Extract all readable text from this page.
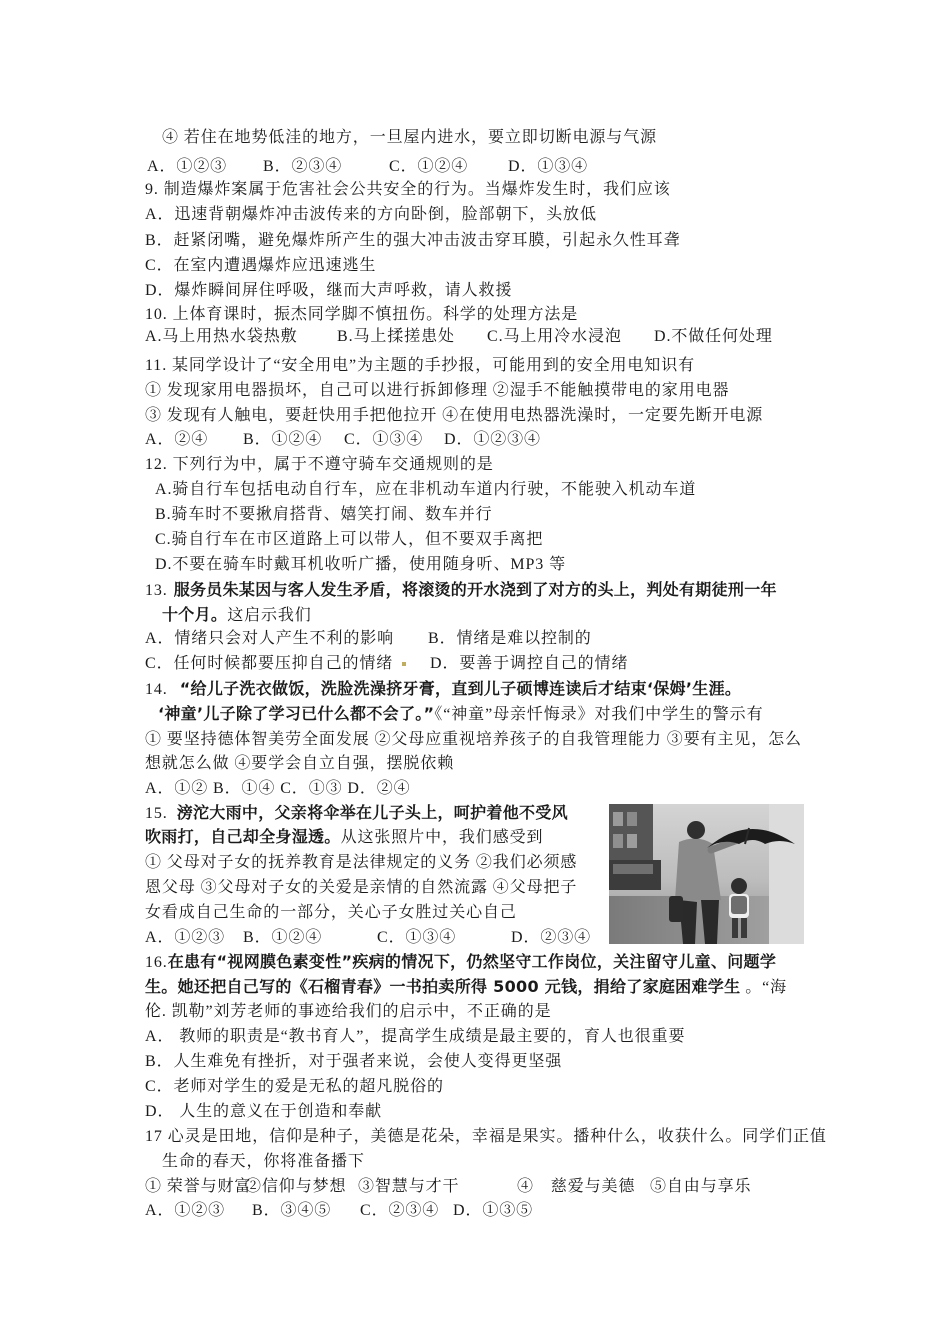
④ 若住在地势低洼的地方，一旦屋内进水，要立即切断电源与气源
A．①②③ B．②③④	C．①②④ D．①③④
9. 制造爆炸案属于危害社会公共安全的行为。当爆炸发生时，我们应该
A．迅速背朝爆炸冲击波传来的方向卧倒，脸部朝下，头放低
B．赶紧闭嘴，避免爆炸所产生的强大冲击波击穿耳膜，引起永久性耳聋
C．在室内遭遇爆炸应迅速逃生
D．爆炸瞬间屏住呼吸，继而大声呼救，请人救援
10. 上体育课时，振杰同学脚不慎扭伤。科学的处理方法是
A.马上用热水袋热敷 B.马上揉搓患处 C.马上用冷水浸泡 D.不做任何处理
11. 某同学设计了“安全用电”为主题的手抄报，可能用到的安全用电知识有
① 发现家用电器损坏，自己可以进行拆卸修理 ②湿手不能触摸带电的家用电器
③ 发现有人触电，要赶快用手把他拉开 ④在使用电热器洗澡时，一定要先断开电源
A．②④ B．①②④ C．①③④ D．①②③④
12. 下列行为中，属于不遵守骑车交通规则的是
A.骑自行车包括电动自行车，应在非机动车道内行驶，不能驶入机动车道
B.骑车时不要揪肩搭背、嬉笑打闹、数车并行
C.骑自行车在市区道路上可以带人，但不要双手离把
D.不要在骑车时戴耳机收听广播，使用随身听、MP3 等
13. 服务员朱某因与客人发生矛盾，将滚烫的开水浇到了对方的头上，判处有期徒刑一年
十个月。这启示我们
A．情绪只会对人产生不利的影响 B．情绪是难以控制的
C．任何时候都要压抑自己的情绪 D．要善于调控自己的情绪
14. “给儿子洗衣做饭，洗脸洗澡挤牙膏，直到儿子硕博连读后才结束‘保姆’生涯。
‘神童’儿子除了学习已什么都不会了。”《“神童”母亲忏悔录》对我们中学生的警示有
① 要坚持德体智美劳全面发展 ②父母应重视培养孩子的自我管理能力 ③要有主见，怎么
想就怎么做 ④要学会自立自强，摆脱依赖
A．①② B．①④ C．①③ D．②④
15. 滂沱大雨中，父亲将伞举在儿子头上，呵护着他不受风
吹雨打，自己却全身湿透。从这张照片中，我们感受到
① 父母对子女的抚养教育是法律规定的义务 ②我们必须感
恩父母 ③父母对子女的关爱是亲情的自然流露 ④父母把子
女看成自己生命的一部分，关心子女胜过关心自己
A．①②③ B．①②④	C．①③④	D．②③④
16.在患有“视网膜色素变性”疾病的情况下，仍然坚守工作岗位，关注留守儿童、问题学
生。她还把自己写的《石榴青春》一书拍卖所得 5000 元钱，捐给了家庭困难学生 。“海
伦. 凯勒”刘芳老师的事迹给我们的启示中，不正确的是
A． 教师的职责是“教书育人”，提高学生成绩是最主要的，育人也很重要
B．人生难免有挫折，对于强者来说，会使人变得更坚强
C．老师对学生的爱是无私的超凡脱俗的
D． 人生的意义在于创造和奉献
17 心灵是田地，信仰是种子，美德是花朵，幸福是果实。播种什么，收获什么。同学们正值
生命的春天，你将准备播下
① 荣誉与财富
②信仰与梦想 ③智慧与才干	④　慈爱与美德 ⑤自由与享乐
A．①②③ B．③④⑤ C．②③④ D．①③⑤
